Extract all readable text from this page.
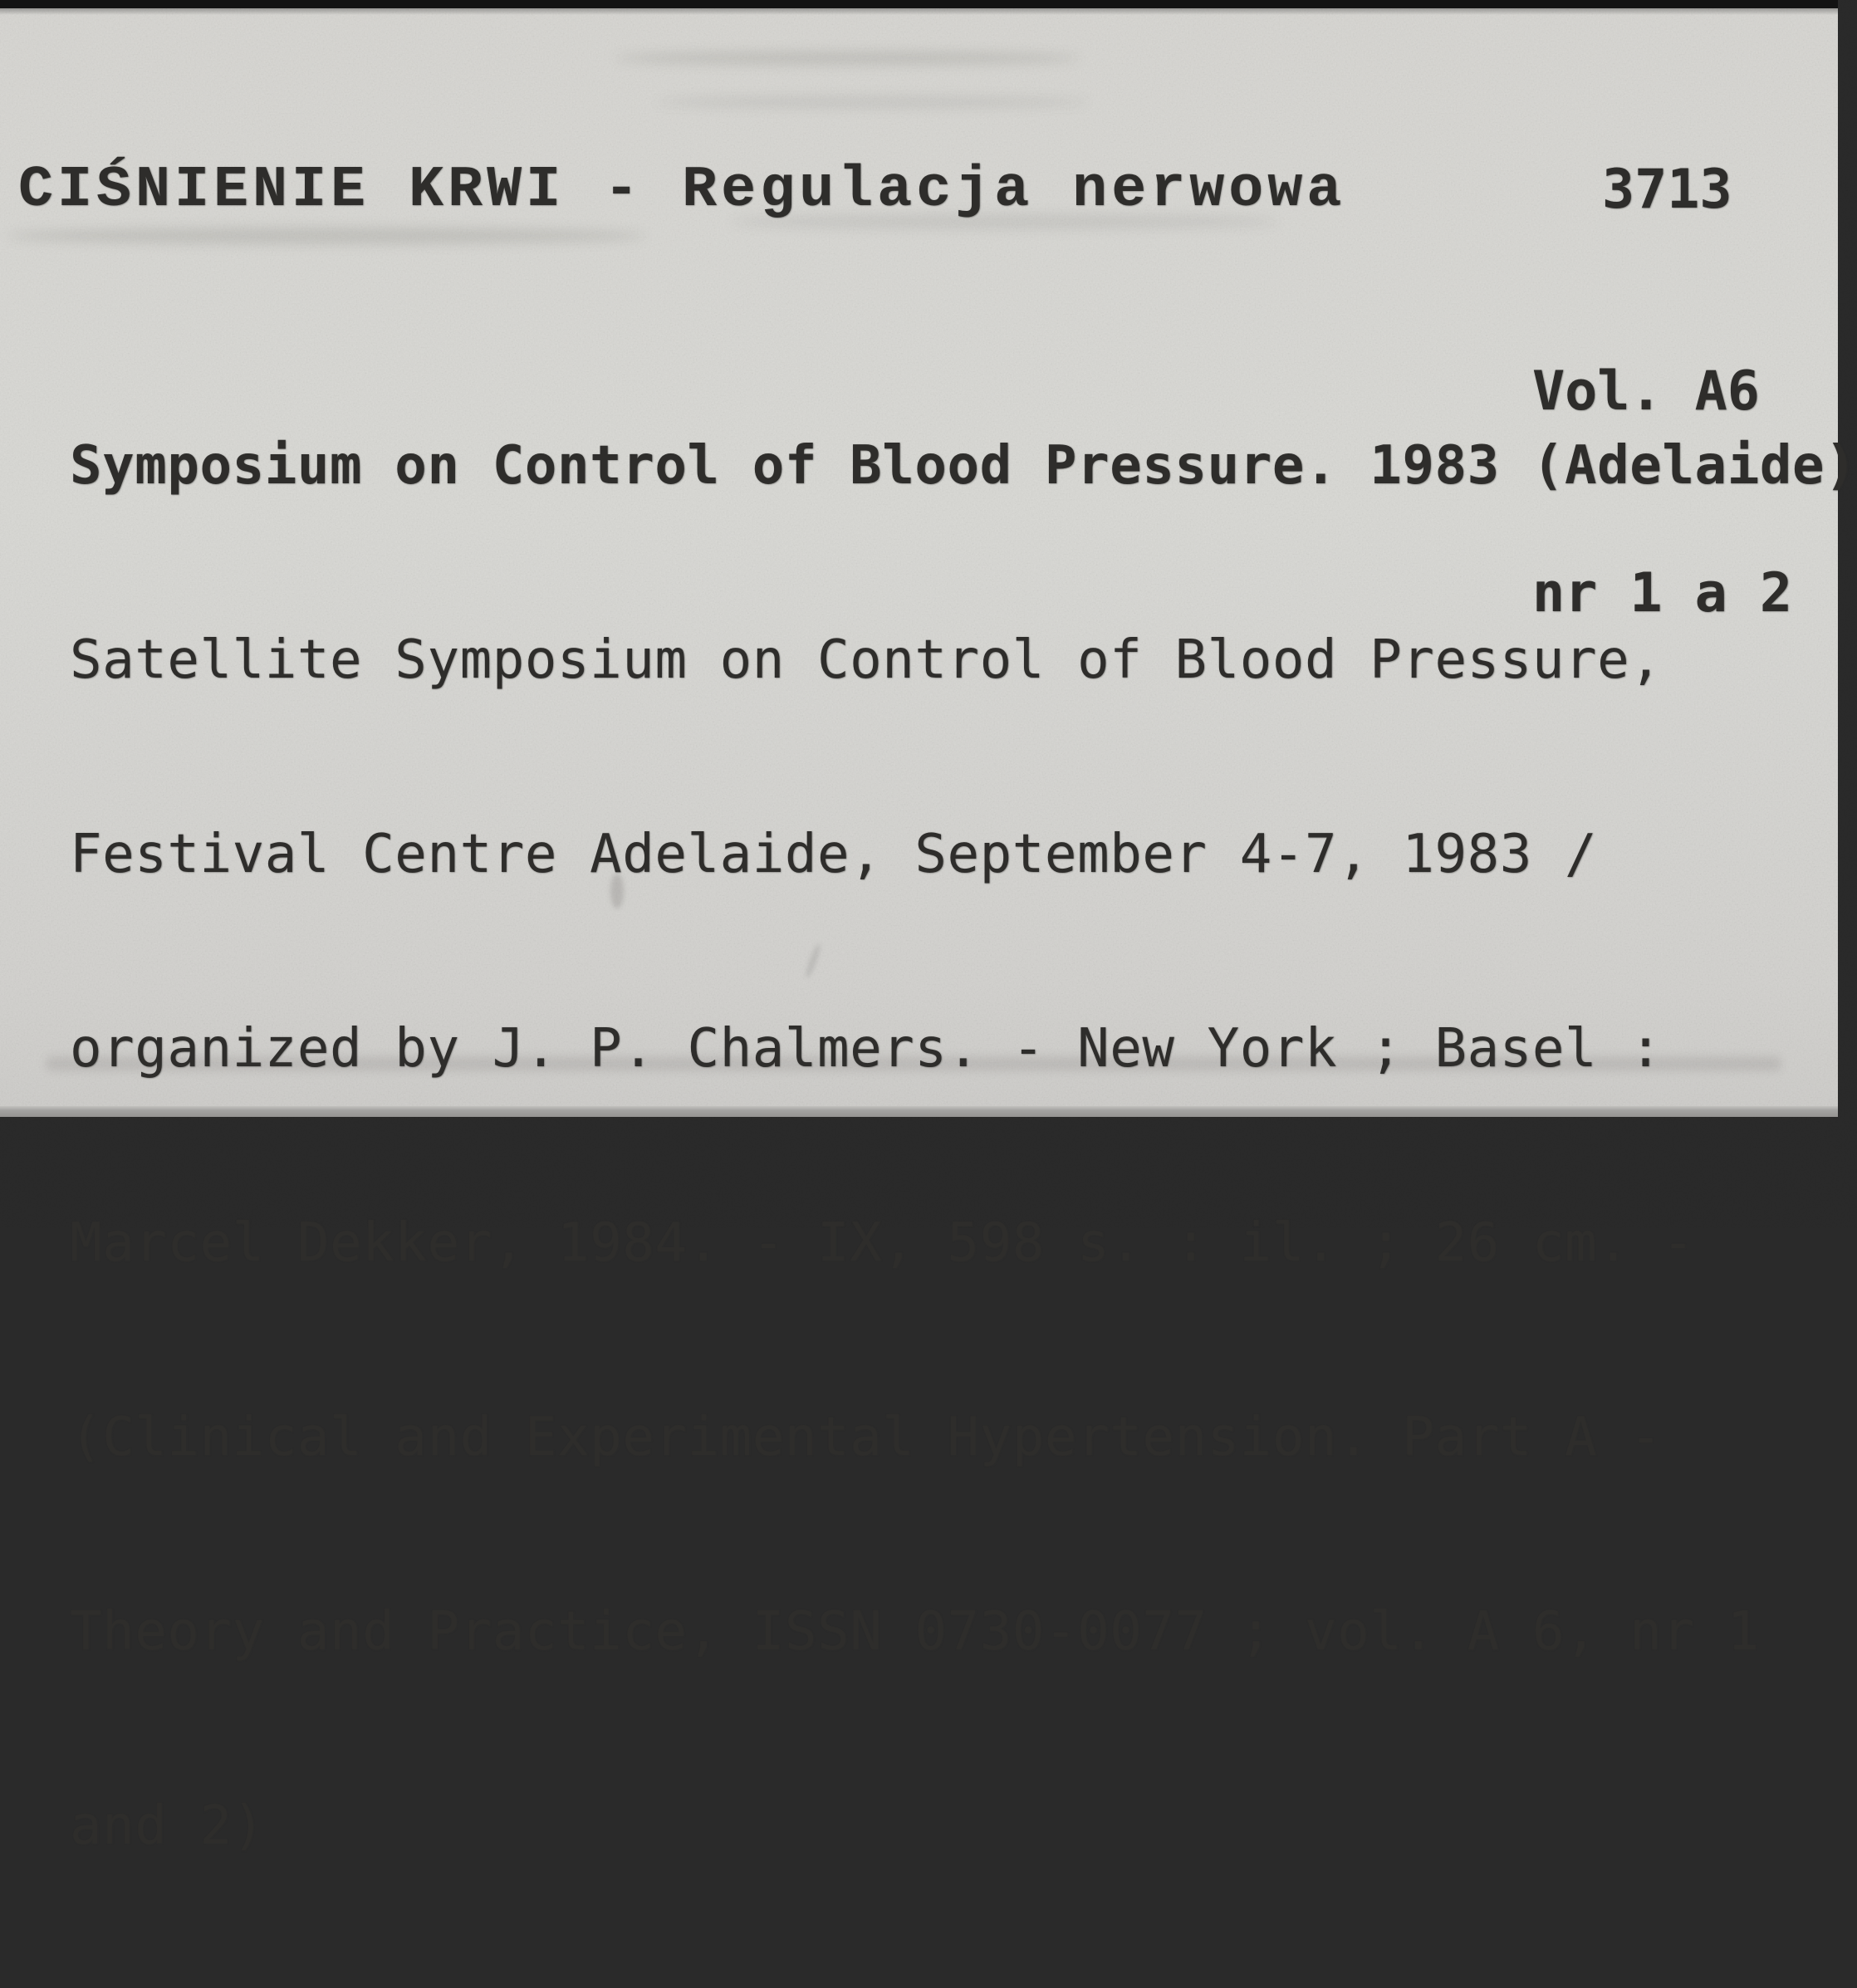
CIŚNIENIE KRWI - Regulacja nerwowa

	3713

Vol. A6

nr 1 a 2

Symposium on Control of Blood Pressure. 1983 (Adelaide)

Satellite Symposium on Control of Blood Pressure,

Festival Centre Adelaide, September 4-7, 1983 /

organized by J. P. Chalmers. - New York ; Basel :

Marcel Dekker, 1984. - IX, 598 s. : il. ; 26 cm. -

(Clinical and Experimental Hypertension. Part A -

Theory and Practice, ISSN 0730-0077 ; vol. A 6, nr 1

and 2)
